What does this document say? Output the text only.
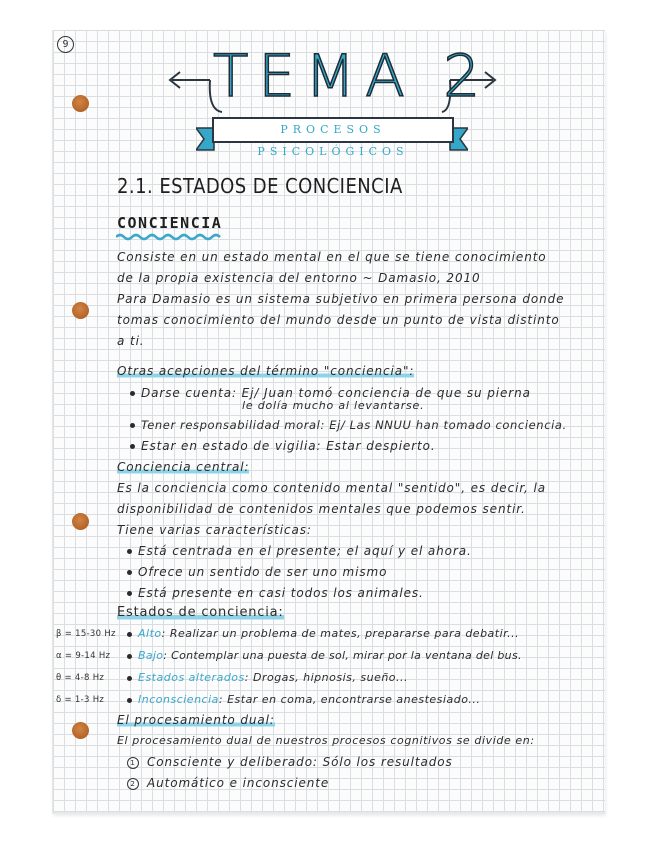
9 TEMA 2
PROCESOS PSICOLÓGICOS
2.1. ESTADOS DE CONCIENCIA
CONCIENCIA
Consiste en un estado mental en el que se tiene conocimiento
de la propia existencia del entorno ~ Damasio, 2010
Para Damasio es un sistema subjetivo en primera persona donde
tomas conocimiento del mundo desde un punto de vista distinto
a ti.
Otras acepciones del término "conciencia":
Darse cuenta: Ej/ Juan tomó conciencia de que su pierna
le dolía mucho al levantarse.
Tener responsabilidad moral: Ej/ Las NNUU han tomado conciencia.
Estar en estado de vigilia: Estar despierto.
Conciencia central:
Es la conciencia como contenido mental "sentido", es decir, la
disponibilidad de contenidos mentales que podemos sentir.
Tiene varias características:
Está centrada en el presente; el aquí y el ahora.
Ofrece un sentido de ser uno mismo
Está presente en casi todos los animales.
Estados de conciencia:
β = 15-30 Hz	Alto: Realizar un problema de mates, prepararse para debatir...
α = 9-14 Hz	Bajo: Contemplar una puesta de sol, mirar por la ventana del bus.
θ = 4-8 Hz	Estados alterados: Drogas, hipnosis, sueño...
δ = 1-3 Hz	Inconsciencia: Estar en coma, encontrarse anestesiado...
El procesamiento dual:
El procesamiento dual de nuestros procesos cognitivos se divide en:
1 Consciente y deliberado: Sólo los resultados
2 Automático e inconsciente
